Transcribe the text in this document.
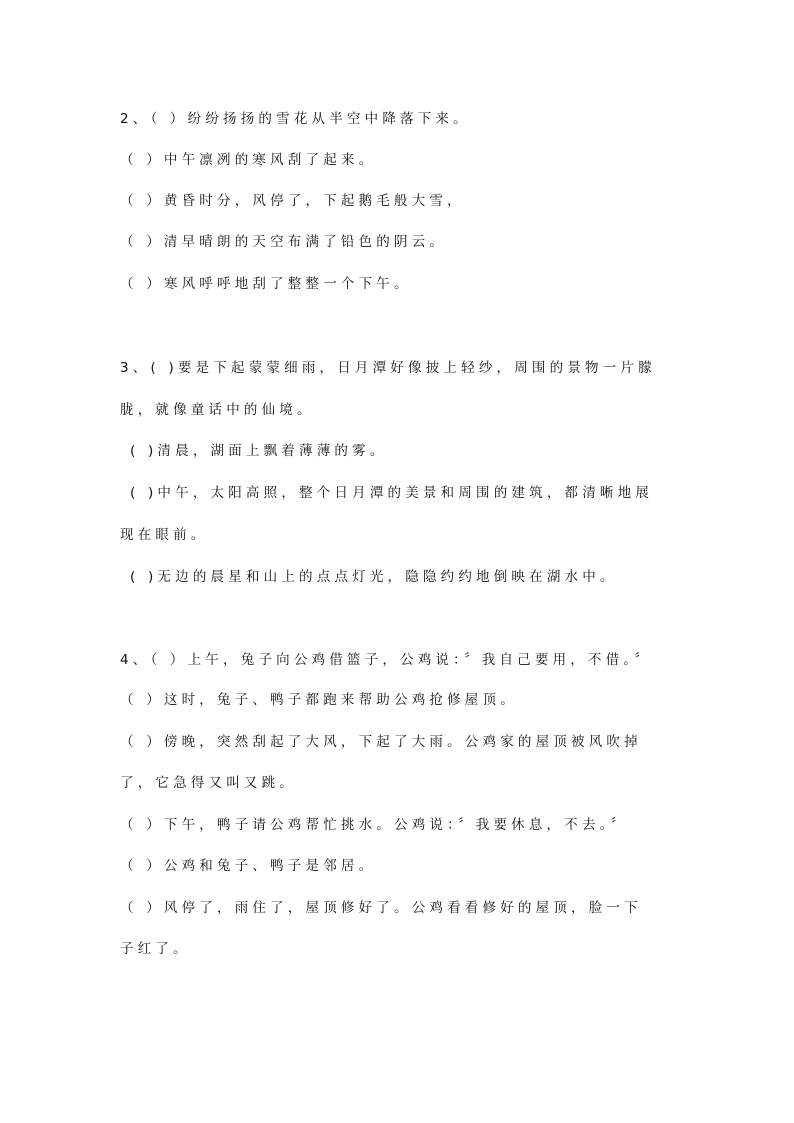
2、（ ）纷纷扬扬的雪花从半空中降落下来。
（ ）中午凛冽的寒风刮了起来。
（ ）黄昏时分，风停了，下起鹅毛般大雪，
（ ）清早晴朗的天空布满了铅色的阴云。
（ ）寒风呼呼地刮了整整一个下午。
3、( )要是下起蒙蒙细雨，日月潭好像披上轻纱，周围的景物一片朦
胧，就像童话中的仙境。
( )清晨，湖面上飘着薄薄的雾。
( )中午，太阳高照，整个日月潭的美景和周围的建筑，都清晰地展
现在眼前。
( )无边的晨星和山上的点点灯光，隐隐约约地倒映在湖水中。
4、（ ）上午，兔子向公鸡借篮子，公鸡说：〞我自己要用，不借。〞
（ ）这时，兔子、鸭子都跑来帮助公鸡抢修屋顶。
（ ）傍晚，突然刮起了大风，下起了大雨。公鸡家的屋顶被风吹掉
了，它急得又叫又跳。
（ ）下午，鸭子请公鸡帮忙挑水。公鸡说：〞我要休息，不去。〞
（ ）公鸡和兔子、鸭子是邻居。
（ ）风停了，雨住了，屋顶修好了。公鸡看看修好的屋顶，脸一下
子红了。
